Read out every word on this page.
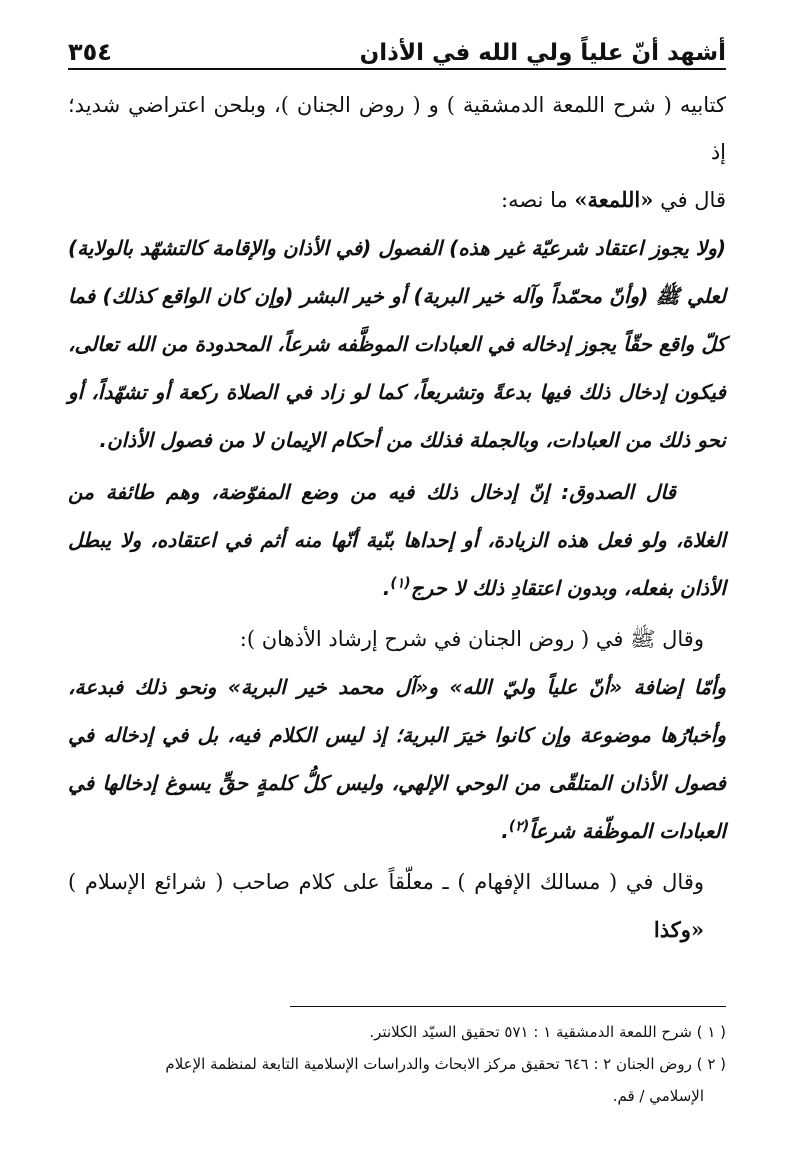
٣٥٤	أشهد أنّ علياً ولي الله في الأذان

كتابيه ( شرح اللمعة الدمشقية ) و ( روض الجنان )، وبلحن اعتراضي شديد؛ إذ

قال في «اللمعة» ما نصه:

(ولا يجوز اعتقاد شرعيّة غير هذه) الفصول (في الأذان والإقامة كالتشهّد بالولاية) لعلي ﷺ (وأنّ محمّداً وآله خير البرية) أو خير البشر (وإن كان الواقع كذلك) فما كلّ واقع حقّاً يجوز إدخاله في العبادات الموظَّفه شرعاً، المحدودة من الله تعالى، فيكون إدخال ذلك فيها بدعةً وتشريعاً، كما لو زاد في الصلاة ركعة أو تشهّداً، أو نحو ذلك من العبادات، وبالجملة فذلك من أحكام الإيمان لا من فصول الأذان.

قال الصدوق: إنّ إدخال ذلك فيه من وضع المفوّضة، وهم طائفة من الغلاة، ولو فعل هذه الزيادة، أو إحداها بنّية أنّها منه أثم في اعتقاده، ولا يبطل الأذان بفعله، وبدون اعتقادِ ذلك لا حرج$^{(١)}$.

وقال ﷺ في ( روض الجنان في شرح إرشاد الأذهان ):

وأمّا إضافة «أنّ علياً وليّ الله» و«آل محمد خير البرية» ونحو ذلك فبدعة، وأخبارُها موضوعة وإن كانوا خيرَ البرية؛ إذ ليس الكلام فيه، بل في إدخاله في فصول الأذان المتلقّى من الوحي الإلهي، وليس كلُّ كلمةٍ حقٍّ يسوغ إدخالها في العبادات الموظّفة شرعاً$^{(٢)}$.

وقال في ( مسالك الإفهام ) ـ معلّقاً على كلام صاحب ( شرائع الإسلام ) «وكذا

( ١ ) شرح اللمعة الدمشقية ١ : ٥٧١ تحقيق السيّد الكلانتر.

( ٢ ) روض الجنان ٢ : ٦٤٦ تحقيق مركز الابحاث والدراسات الإسلامية التابعة لمنظمة الإعلام
الإسلامي / قم.
